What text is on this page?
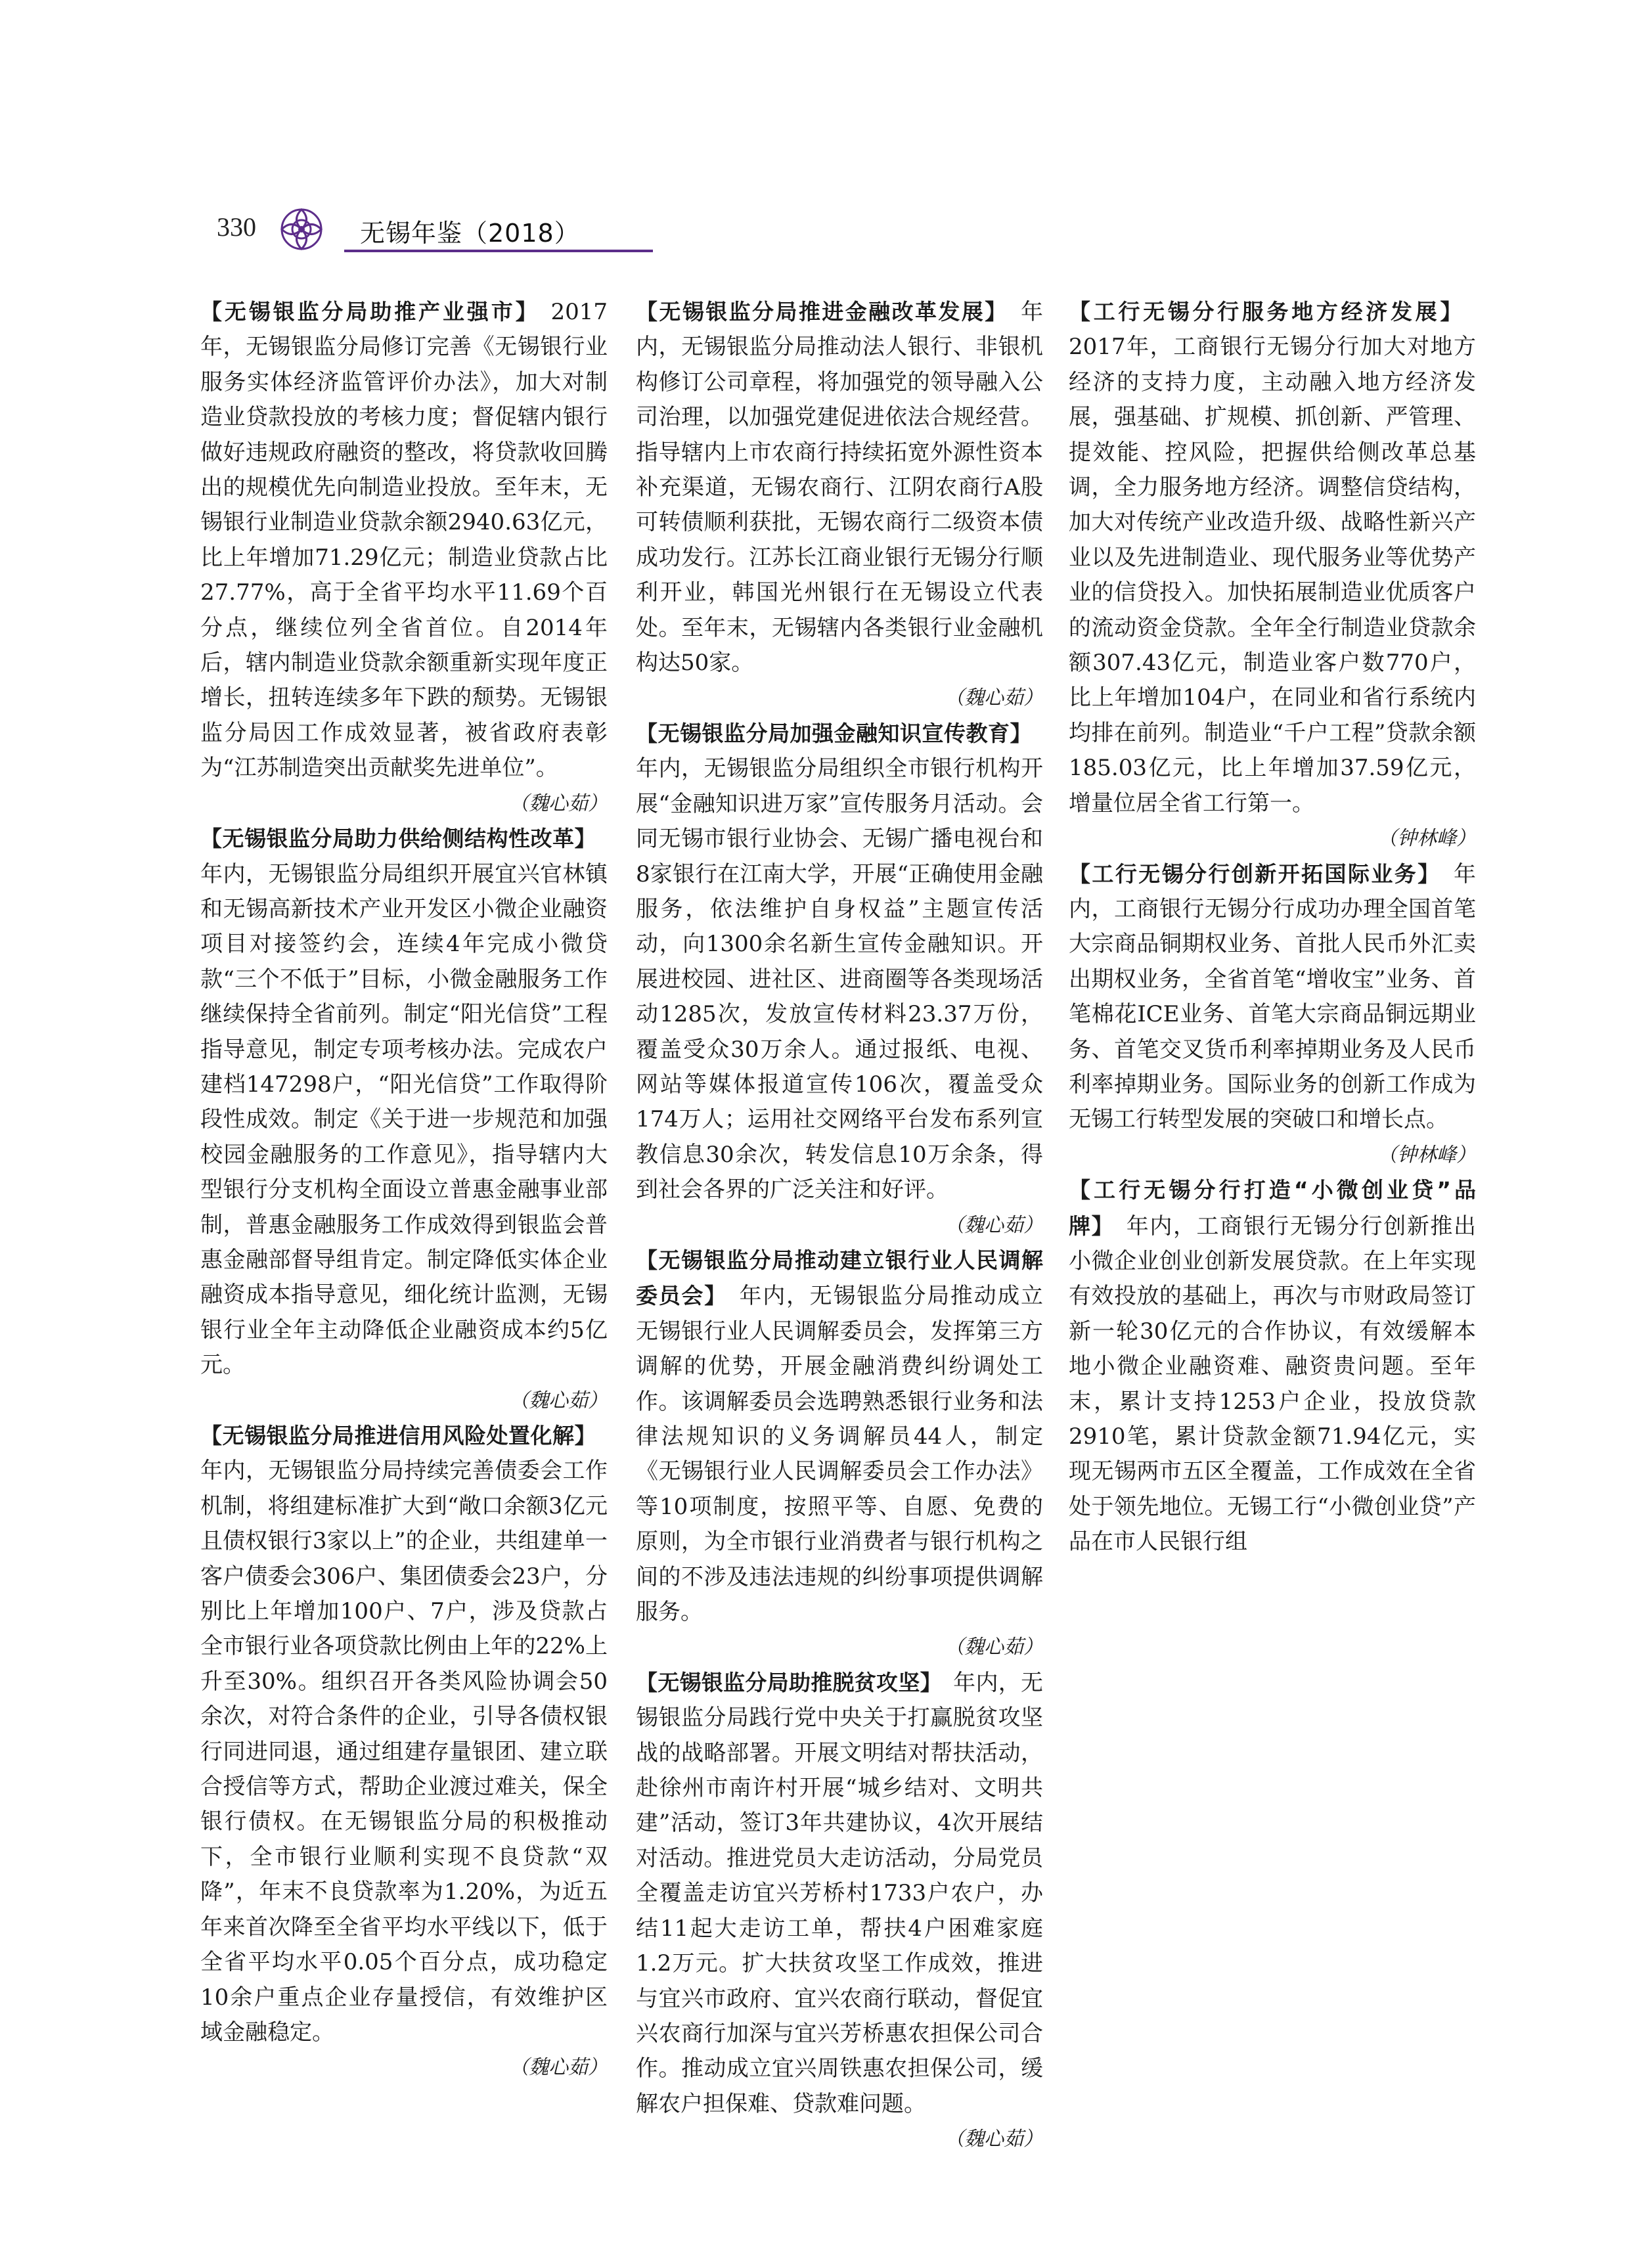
330	无锡年鉴（2018）

【无锡银监分局助推产业强市】  2017年，无锡银监分局修订完善《无锡银行业服务实体经济监管评价办法》，加大对制造业贷款投放的考核力度；督促辖内银行做好违规政府融资的整改，将贷款收回腾出的规模优先向制造业投放。至年末，无锡银行业制造业贷款余额2940.63亿元，比上年增加71.29亿元；制造业贷款占比27.77%，高于全省平均水平11.69个百分点，继续位列全省首位。自2014年后，辖内制造业贷款余额重新实现年度正增长，扭转连续多年下跌的颓势。无锡银监分局因工作成效显著，被省政府表彰为“江苏制造突出贡献奖先进单位”。

（魏心茹）

【无锡银监分局助力供给侧结构性改革】 年内，无锡银监分局组织开展宜兴官林镇和无锡高新技术产业开发区小微企业融资项目对接签约会，连续4年完成小微贷款“三个不低于”目标，小微金融服务工作继续保持全省前列。制定“阳光信贷”工程指导意见，制定专项考核办法。完成农户建档147298户，“阳光信贷”工作取得阶段性成效。制定《关于进一步规范和加强校园金融服务的工作意见》，指导辖内大型银行分支机构全面设立普惠金融事业部制，普惠金融服务工作成效得到银监会普惠金融部督导组肯定。制定降低实体企业融资成本指导意见，细化统计监测，无锡银行业全年主动降低企业融资成本约5亿元。

（魏心茹）

【无锡银监分局推进信用风险处置化解】 年内，无锡银监分局持续完善债委会工作机制，将组建标准扩大到“敞口余额3亿元且债权银行3家以上”的企业，共组建单一客户债委会306户、集团债委会23户，分别比上年增加100户、7户，涉及贷款占全市银行业各项贷款比例由上年的22%上升至30%。组织召开各类风险协调会50余次，对符合条件的企业，引导各债权银行同进同退，通过组建存量银团、建立联合授信等方式，帮助企业渡过难关，保全银行债权。在无锡银监分局的积极推动下，全市银行业顺利实现不良贷款“双降”，年末不良贷款率为1.20%，为近五年来首次降至全省平均水平线以下，低于全省平均水平0.05个百分点，成功稳定10余户重点企业存量授信，有效维护区域金融稳定。

（魏心茹）

【无锡银监分局推进金融改革发展】  年内，无锡银监分局推动法人银行、非银机构修订公司章程，将加强党的领导融入公司治理，以加强党建促进依法合规经营。指导辖内上市农商行持续拓宽外源性资本补充渠道，无锡农商行、江阴农商行A股可转债顺利获批，无锡农商行二级资本债成功发行。江苏长江商业银行无锡分行顺利开业，韩国光州银行在无锡设立代表处。至年末，无锡辖内各类银行业金融机构达50家。

（魏心茹）

【无锡银监分局加强金融知识宣传教育】 年内，无锡银监分局组织全市银行机构开展“金融知识进万家”宣传服务月活动。会同无锡市银行业协会、无锡广播电视台和8家银行在江南大学，开展“正确使用金融服务，依法维护自身权益”主题宣传活动，向1300余名新生宣传金融知识。开展进校园、进社区、进商圈等各类现场活动1285次，发放宣传材料23.37万份，覆盖受众30万余人。通过报纸、电视、网站等媒体报道宣传106次，覆盖受众174万人；运用社交网络平台发布系列宣教信息30余次，转发信息10万余条，得到社会各界的广泛关注和好评。

（魏心茹）

【无锡银监分局推动建立银行业人民调解委员会】  年内，无锡银监分局推动成立无锡银行业人民调解委员会，发挥第三方调解的优势，开展金融消费纠纷调处工作。该调解委员会选聘熟悉银行业务和法律法规知识的义务调解员44人，制定《无锡银行业人民调解委员会工作办法》等10项制度，按照平等、自愿、免费的原则，为全市银行业消费者与银行机构之间的不涉及违法违规的纠纷事项提供调解服务。

（魏心茹）

【无锡银监分局助推脱贫攻坚】  年内，无锡银监分局践行党中央关于打赢脱贫攻坚战的战略部署。开展文明结对帮扶活动，赴徐州市南许村开展“城乡结对、文明共建”活动，签订3年共建协议，4次开展结对活动。推进党员大走访活动，分局党员全覆盖走访宜兴芳桥村1733户农户，办结11起大走访工单，帮扶4户困难家庭1.2万元。扩大扶贫攻坚工作成效，推进与宜兴市政府、宜兴农商行联动，督促宜兴农商行加深与宜兴芳桥惠农担保公司合作。推动成立宜兴周铁惠农担保公司，缓解农户担保难、贷款难问题。

（魏心茹）

【工行无锡分行服务地方经济发展】 2017年，工商银行无锡分行加大对地方经济的支持力度，主动融入地方经济发展，强基础、扩规模、抓创新、严管理、提效能、控风险，把握供给侧改革总基调，全力服务地方经济。调整信贷结构，加大对传统产业改造升级、战略性新兴产业以及先进制造业、现代服务业等优势产业的信贷投入。加快拓展制造业优质客户的流动资金贷款。全年全行制造业贷款余额307.43亿元，制造业客户数770户，比上年增加104户，在同业和省行系统内均排在前列。制造业“千户工程”贷款余额185.03亿元，比上年增加37.59亿元，增量位居全省工行第一。

（钟林峰）

【工行无锡分行创新开拓国际业务】  年内，工商银行无锡分行成功办理全国首笔大宗商品铜期权业务、首批人民币外汇卖出期权业务，全省首笔“增收宝”业务、首笔棉花ICE业务、首笔大宗商品铜远期业务、首笔交叉货币利率掉期业务及人民币利率掉期业务。国际业务的创新工作成为无锡工行转型发展的突破口和增长点。

（钟林峰）

【工行无锡分行打造“小微创业贷”品牌】  年内，工商银行无锡分行创新推出小微企业创业创新发展贷款。在上年实现有效投放的基础上，再次与市财政局签订新一轮30亿元的合作协议，有效缓解本地小微企业融资难、融资贵问题。至年末，累计支持1253户企业，投放贷款2910笔，累计贷款金额71.94亿元，实现无锡两市五区全覆盖，工作成效在全省处于领先地位。无锡工行“小微创业贷”产品在市人民银行组
